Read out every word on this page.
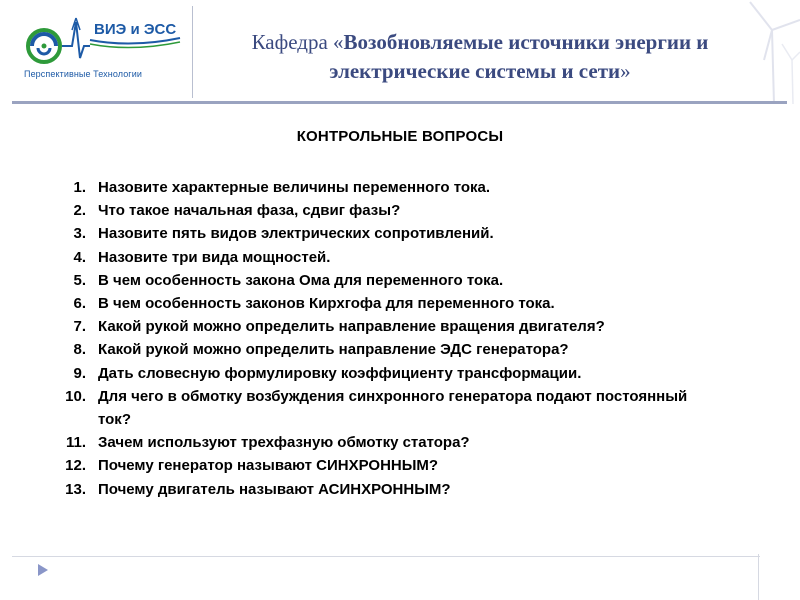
ВИЭ и ЭСС
Перспективные Технологии
Кафедра «Возобновляемые источники энергии и
электрические системы и сети»
КОНТРОЛЬНЫЕ ВОПРОСЫ
1. Назовите характерные величины переменного тока.
2. Что такое начальная фаза, сдвиг фазы?
3. Назовите пять видов электрических сопротивлений.
4. Назовите три вида мощностей.
5. В чем особенность закона Ома для переменного тока.
6. В чем особенность законов Кирхгофа для переменного тока.
7. Какой рукой можно определить направление вращения двигателя?
8. Какой рукой можно определить направление ЭДС генератора?
9. Дать словесную формулировку коэффициенту трансформации.
10. Для чего в обмотку возбуждения синхронного генератора подают постоянный ток?
11. Зачем используют трехфазную обмотку статора?
12. Почему генератор называют СИНХРОННЫМ?
13. Почему двигатель называют АСИНХРОННЫМ?
